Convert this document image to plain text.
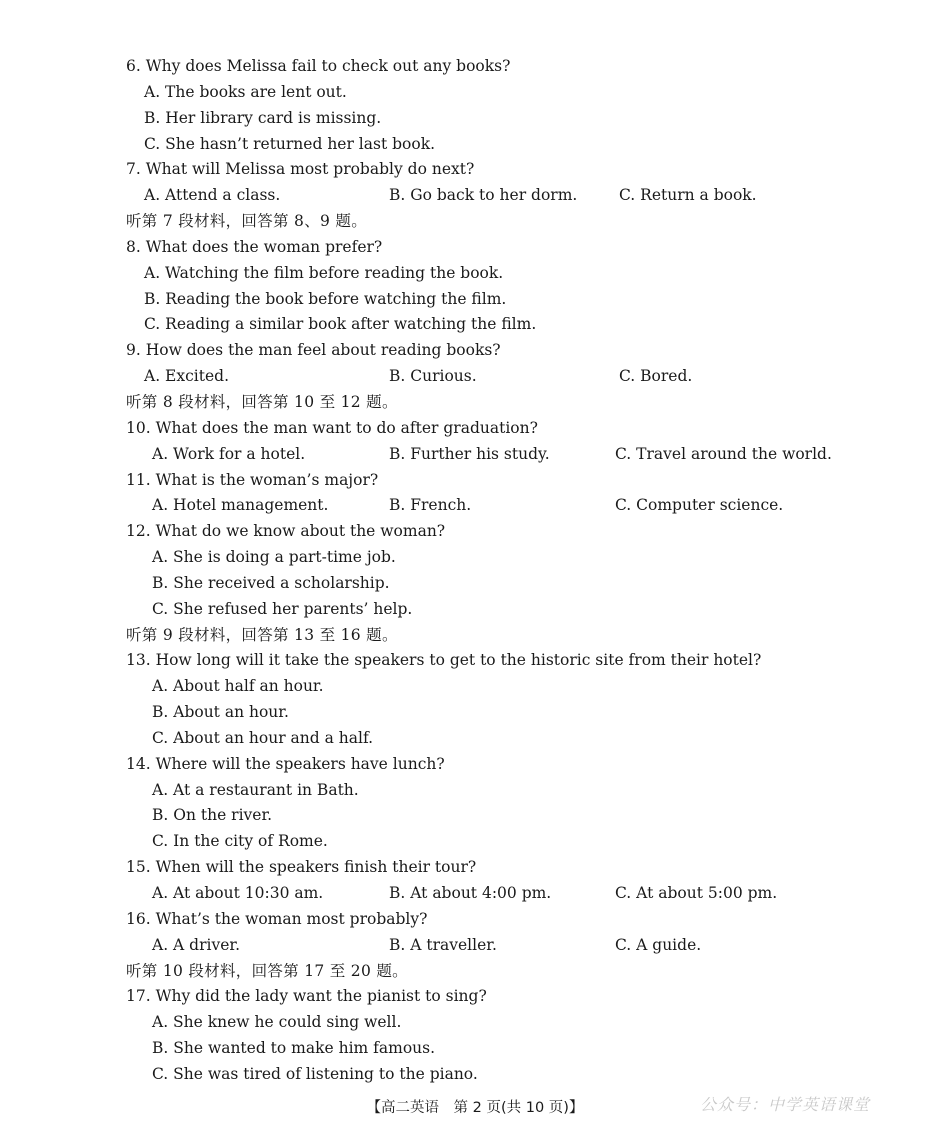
6. Why does Melissa fail to check out any books?
A. The books are lent out.
B. Her library card is missing.
C. She hasn’t returned her last book.
7. What will Melissa most probably do next?
A. Attend a class.	B. Go back to her dorm.	C. Return a book.
听第 7 段材料，回答第 8、9 题。
8. What does the woman prefer?
A. Watching the film before reading the book.
B. Reading the book before watching the film.
C. Reading a similar book after watching the film.
9. How does the man feel about reading books?
A. Excited.	B. Curious.	C. Bored.
听第 8 段材料，回答第 10 至 12 题。
10. What does the man want to do after graduation?
A. Work for a hotel.	B. Further his study.	C. Travel around the world.
11. What is the woman’s major?
A. Hotel management.	B. French.	C. Computer science.
12. What do we know about the woman?
A. She is doing a part-time job.
B. She received a scholarship.
C. She refused her parents’ help.
听第 9 段材料，回答第 13 至 16 题。
13. How long will it take the speakers to get to the historic site from their hotel?
A. About half an hour.
B. About an hour.
C. About an hour and a half.
14. Where will the speakers have lunch?
A. At a restaurant in Bath.
B. On the river.
C. In the city of Rome.
15. When will the speakers finish their tour?
A. At about 10:30 am.	B. At about 4:00 pm.	C. At about 5:00 pm.
16. What’s the woman most probably?
A. A driver.	B. A traveller.	C. A guide.
听第 10 段材料，回答第 17 至 20 题。
17. Why did the lady want the pianist to sing?
A. She knew he could sing well.
B. She wanted to make him famous.
C. She was tired of listening to the piano.
【高二英语　第 2 页(共 10 页)】	公众号：中学英语课堂
